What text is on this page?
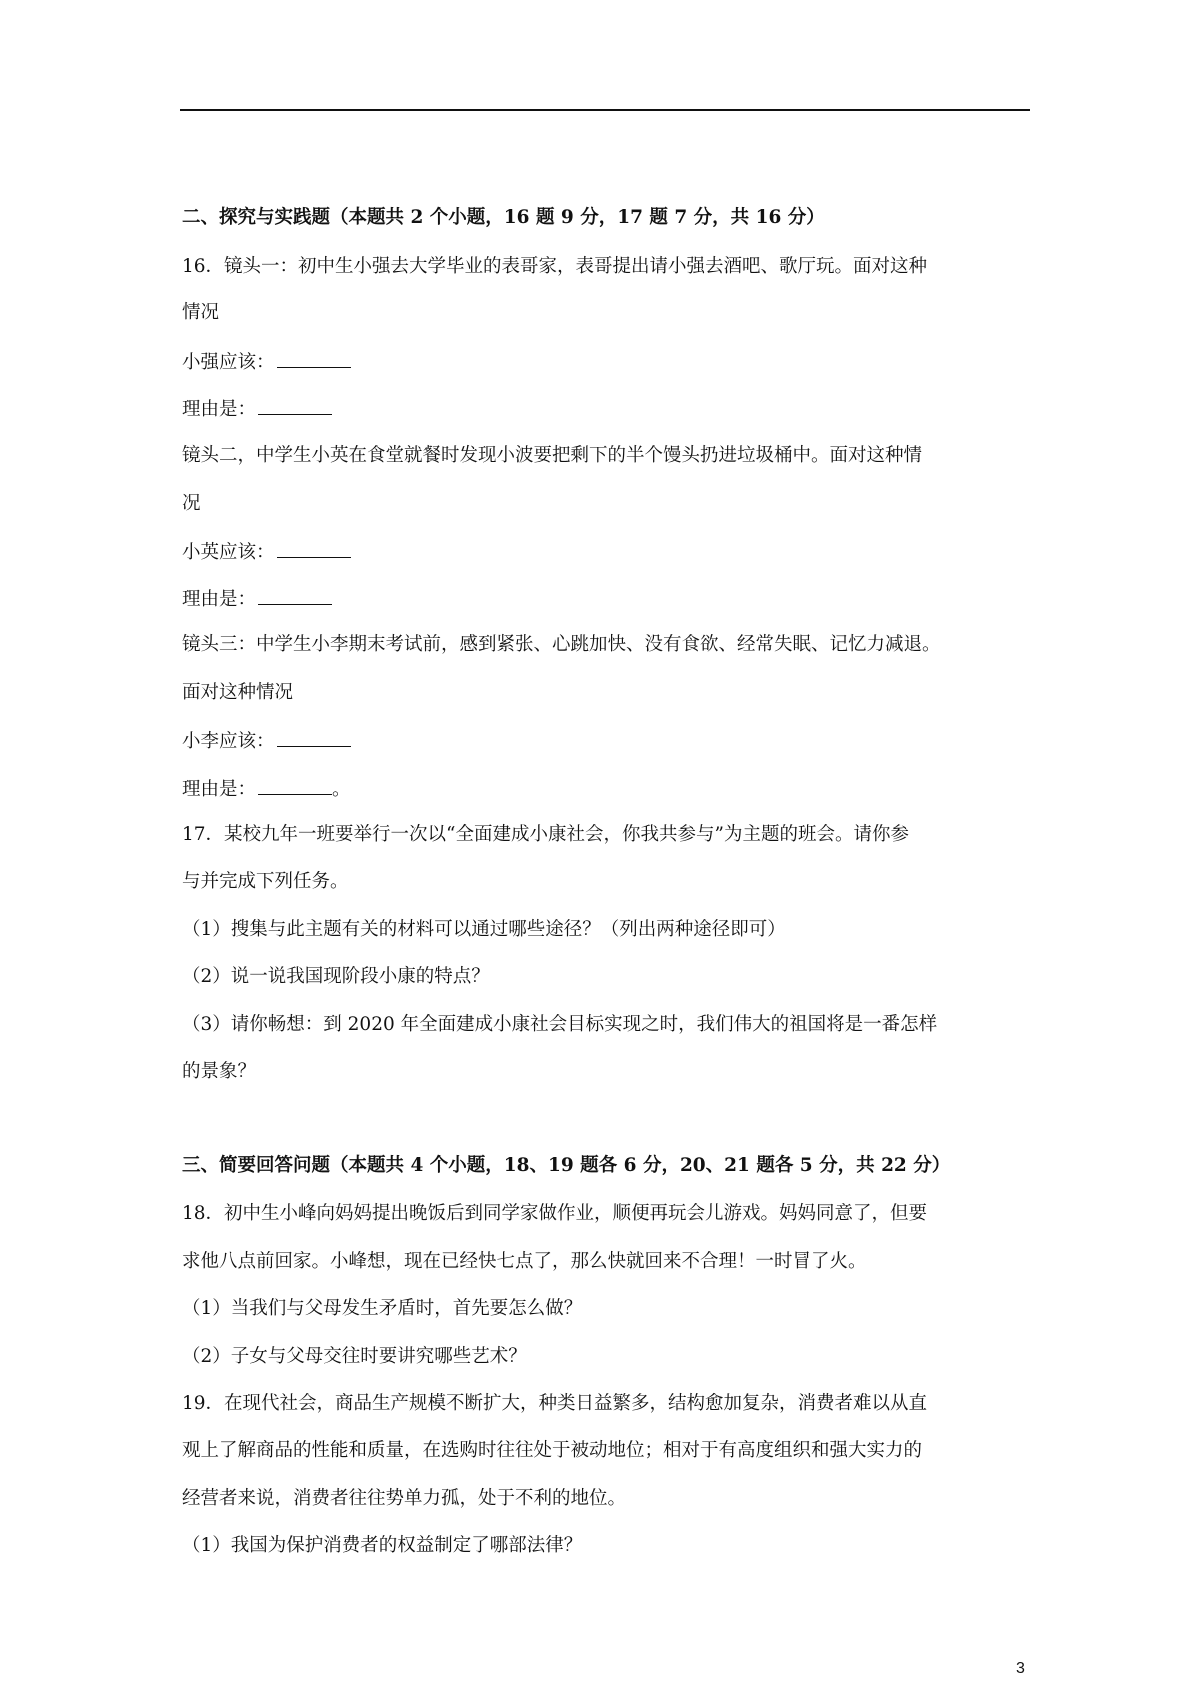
二、探究与实践题（本题共 2 个小题，16 题 9 分，17 题 7 分，共 16 分）
16．镜头一：初中生小强去大学毕业的表哥家，表哥提出请小强去酒吧、歌厅玩。面对这种
情况
小强应该：
理由是：
镜头二，中学生小英在食堂就餐时发现小波要把剩下的半个馒头扔进垃圾桶中。面对这种情
况
小英应该：
理由是：
镜头三：中学生小李期末考试前，感到紧张、心跳加快、没有食欲、经常失眠、记忆力减退。
面对这种情况
小李应该：
理由是：	。
17．某校九年一班要举行一次以“全面建成小康社会，你我共参与”为主题的班会。请你参
与并完成下列任务。
（1）搜集与此主题有关的材料可以通过哪些途径？（列出两种途径即可）
（2）说一说我国现阶段小康的特点？
（3）请你畅想：到 2020 年全面建成小康社会目标实现之时，我们伟大的祖国将是一番怎样
的景象？
三、简要回答问题（本题共 4 个小题，18、19 题各 6 分，20、21 题各 5 分，共 22 分）
18．初中生小峰向妈妈提出晚饭后到同学家做作业，顺便再玩会儿游戏。妈妈同意了，但要
求他八点前回家。小峰想，现在已经快七点了，那么快就回来不合理！一时冒了火。
（1）当我们与父母发生矛盾时，首先要怎么做？
（2）子女与父母交往时要讲究哪些艺术？
19．在现代社会，商品生产规模不断扩大，种类日益繁多，结构愈加复杂，消费者难以从直
观上了解商品的性能和质量，在选购时往往处于被动地位；相对于有高度组织和强大实力的
经营者来说，消费者往往势单力孤，处于不利的地位。
（1）我国为保护消费者的权益制定了哪部法律？
3
